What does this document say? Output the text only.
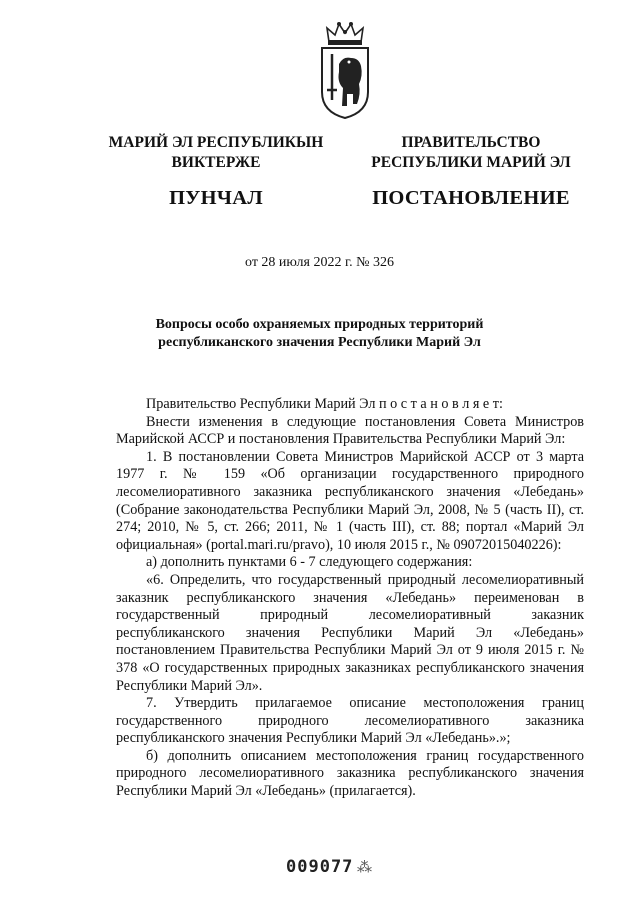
МАРИЙ ЭЛ РЕСПУБЛИКЫН
ВИКТЕРЖЕ
ПУНЧАЛ
ПРАВИТЕЛЬСТВО
РЕСПУБЛИКИ МАРИЙ ЭЛ
ПОСТАНОВЛЕНИЕ
от 28 июля 2022 г. № 326
Вопросы особо охраняемых природных территорий
республиканского значения Республики Марий Эл

Правительство Республики Марий Эл п о с т а н о в л я е т:

Внести изменения в следующие постановления Совета Министров Марийской АССР и постановления Правительства Республики Марий Эл:

1. В постановлении Совета Министров Марийской АССР от 3 марта 1977 г. № 159 «Об организации государственного природного лесомелиоративного заказника республиканского значения «Лебедань» (Собрание законодательства Республики Марий Эл, 2008, № 5 (часть II), ст. 274; 2010, № 5, ст. 266; 2011, № 1 (часть III), ст. 88; портал «Марий Эл официальная» (portal.mari.ru/pravo), 10 июля 2015 г., № 09072015040226):

а) дополнить пунктами 6 - 7 следующего содержания:

«6. Определить, что государственный природный лесомелиоративный заказник республиканского значения «Лебедань» переименован в государственный природный лесомелиоративный заказник республиканского значения Республики Марий Эл «Лебедань» постановлением Правительства Республики Марий Эл от 9 июля 2015 г. № 378 «О государственных природных заказниках республиканского значения Республики Марий Эл».

7. Утвердить прилагаемое описание местоположения границ государственного природного лесомелиоративного заказника республиканского значения Республики Марий Эл «Лебедань».»;

б) дополнить описанием местоположения границ государственного природного лесомелиоративного заказника республиканского значения Республики Марий Эл «Лебедань» (прилагается).

009077 ⁂
